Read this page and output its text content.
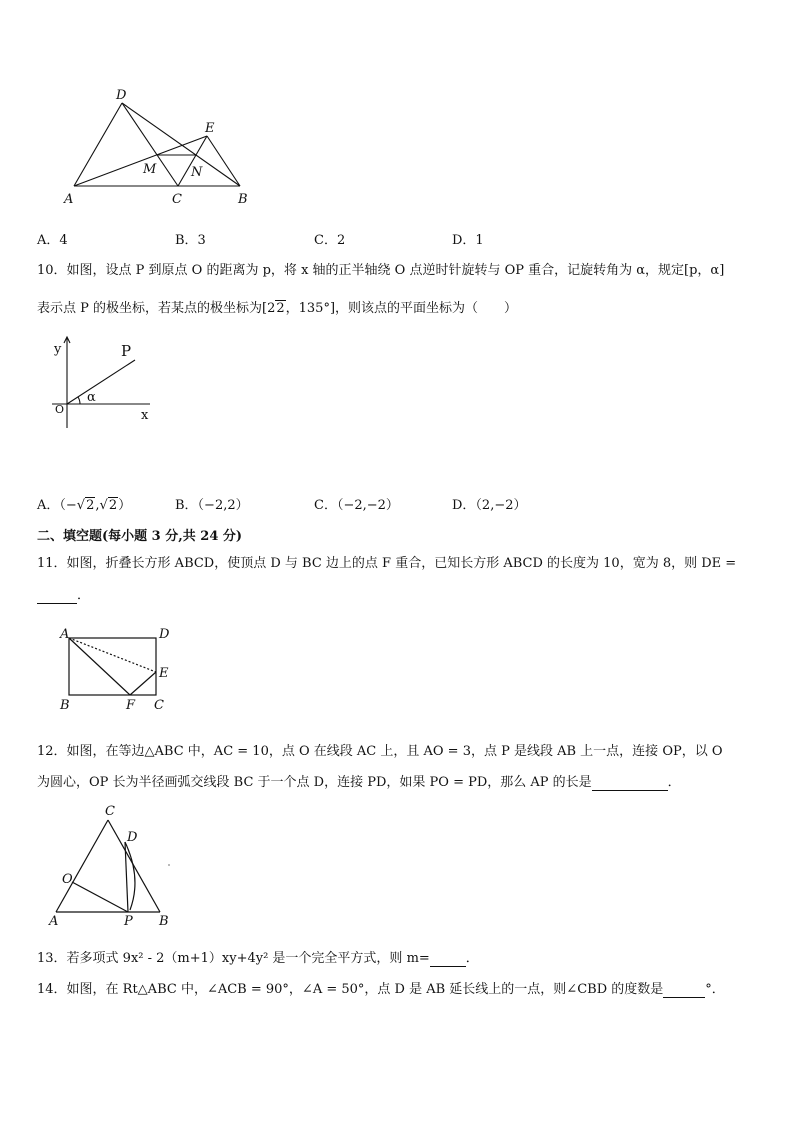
D
E
M	N
A	C	B
A．4	B．3	C．2	D．1
10．如图，设点 P 到原点 O 的距离为 p，将 x 轴的正半轴绕 O 点逆时针旋转与 OP 重合，记旋转角为 α，规定[p，α]
表示点 P 的极坐标，若某点的极坐标为[22，135°]，则该点的平面坐标为（　　）
y	P
O
α
x
A．（−√2,√2）	B．（−2,2）	C．（−2,−2）	D．（2,−2）
二、填空题(每小题 3 分,共 24 分)
11．如图，折叠长方形 ABCD，使顶点 D 与 BC 边上的点 F 重合，已知长方形 ABCD 的长度为 10，宽为 8，则 DE =
．
A	D
E
B	F C
12．如图，在等边△ABC 中，AC = 10，点 O 在线段 AC 上，且 AO = 3，点 P 是线段 AB 上一点，连接 OP，以 O
为圆心，OP 长为半径画弧交线段 BC 于一个点 D，连接 PD，如果 PO = PD，那么 AP 的长是	．
C
D
O
A	P B
13．若多项式 9x² - 2（m+1）xy+4y² 是一个完全平方式，则 m=	．
14．如图，在 Rt△ABC 中，∠ACB = 90°，∠A = 50°，点 D 是 AB 延长线上的一点，则∠CBD 的度数是	°．
